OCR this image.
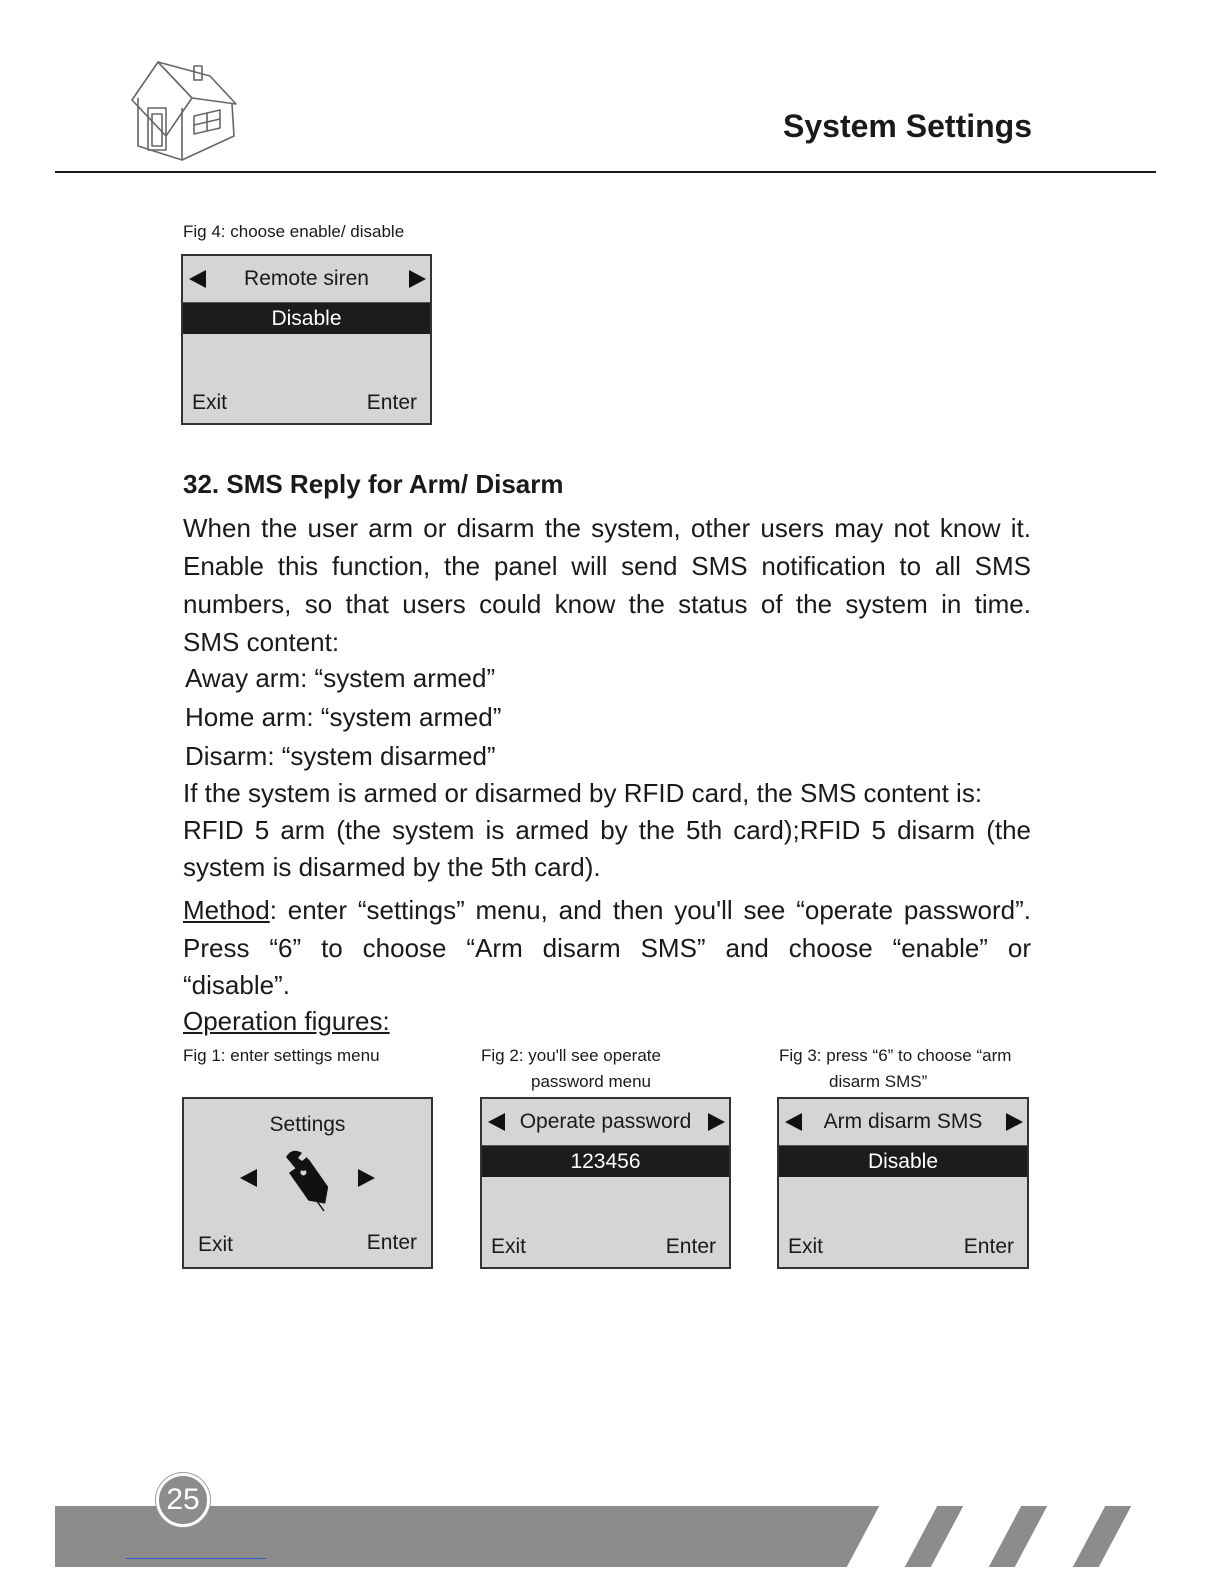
System Settings
Fig 4: choose enable/ disable
Remote siren
Disable
Exit	Enter
32. SMS Reply for Arm/ Disarm
When the user arm or disarm the system, other users may not know it.
Enable this function, the panel will send SMS notification to all SMS
numbers, so that users could know the status of the system in time.
SMS content:
Away arm: “system armed”
Home arm: “system armed”
Disarm: “system disarmed”
If the system is armed or disarmed by RFID card, the SMS content is:
RFID 5 arm (the system is armed by the 5th card);RFID 5 disarm (the
system is disarmed by the 5th card).
Method: enter “settings” menu, and then you'll see “operate password”.
Press “6” to choose “Arm disarm SMS” and choose “enable” or
“disable”.
Operation figures:
Fig 1: enter settings menu	Fig 2: you'll see operate
password menu
Fig 3: press “6” to choose “arm
disarm SMS”
Settings
Exit	Enter
Operate password
123456
Exit	Enter
Arm disarm SMS
Disable
Exit	Enter
25
